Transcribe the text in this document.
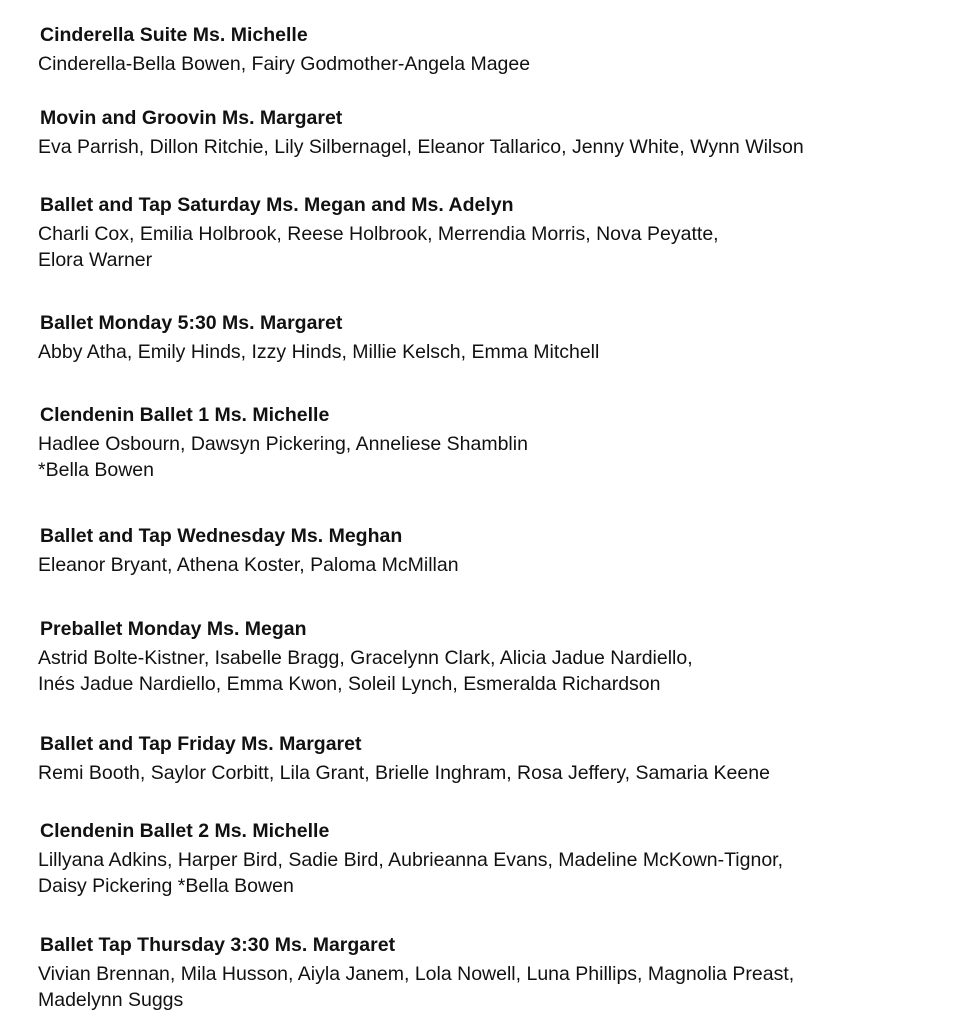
Cinderella Suite Ms. Michelle

Cinderella-Bella Bowen, Fairy Godmother-Angela Magee

Movin and Groovin Ms. Margaret

Eva Parrish, Dillon Ritchie, Lily Silbernagel, Eleanor Tallarico, Jenny White, Wynn Wilson

Ballet and Tap Saturday Ms. Megan and Ms. Adelyn

Charli Cox, Emilia Holbrook, Reese Holbrook, Merrendia Morris, Nova Peyatte,
Elora Warner

Ballet Monday 5:30 Ms. Margaret

Abby Atha, Emily Hinds, Izzy Hinds, Millie Kelsch, Emma Mitchell

Clendenin Ballet 1 Ms. Michelle

Hadlee Osbourn, Dawsyn Pickering, Anneliese Shamblin
*Bella Bowen

Ballet and Tap Wednesday Ms. Meghan

Eleanor Bryant, Athena Koster, Paloma McMillan

Preballet Monday Ms. Megan

Astrid Bolte-Kistner, Isabelle Bragg, Gracelynn Clark, Alicia Jadue Nardiello,
Inés Jadue Nardiello, Emma Kwon, Soleil Lynch, Esmeralda Richardson

Ballet and Tap Friday Ms. Margaret

Remi Booth, Saylor Corbitt, Lila Grant, Brielle Inghram, Rosa Jeffery, Samaria Keene

Clendenin Ballet 2 Ms. Michelle

Lillyana Adkins, Harper Bird, Sadie Bird, Aubrieanna Evans, Madeline McKown-Tignor,
Daisy Pickering *Bella Bowen

Ballet Tap Thursday 3:30 Ms. Margaret

Vivian Brennan, Mila Husson, Aiyla Janem, Lola Nowell, Luna Phillips, Magnolia Preast,
Madelynn Suggs
